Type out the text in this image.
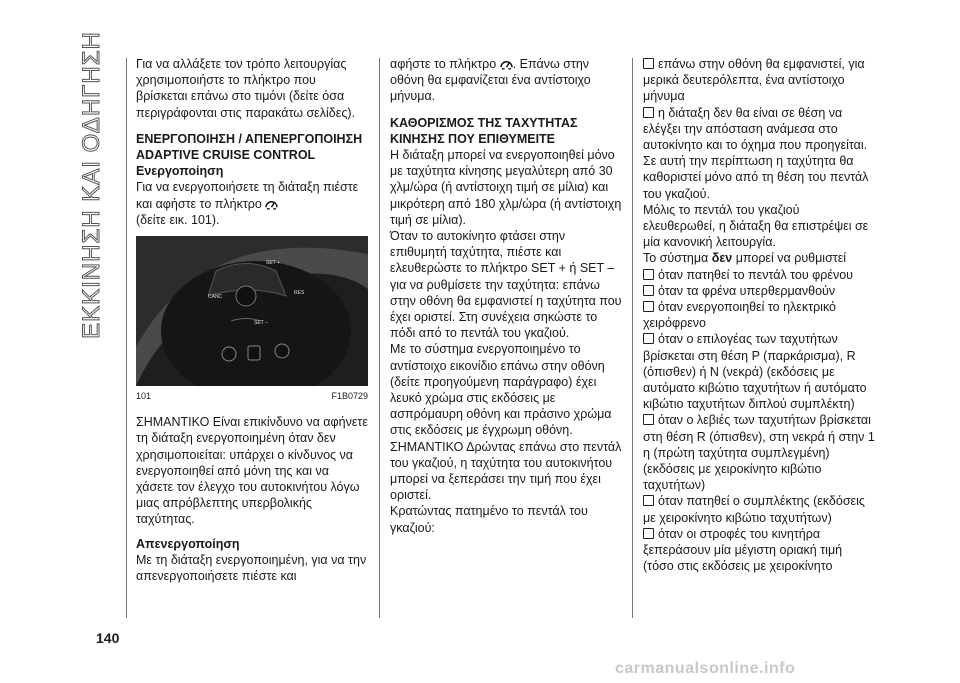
ΕΚΚΙΝΗΣΗ ΚΑΙ ΟΔΗΓΗΣΗ
140

Για να αλλάξετε τον τρόπο λειτουργίας χρησιμοποιήστε το πλήκτρο που βρίσκεται επάνω στο τιμόνι (δείτε όσα περιγράφονται στις παρακάτω σελίδες).

ΕΝΕΡΓΟΠΟΙΗΣΗ / ΑΠΕΝΕΡΓΟΠΟΙΗΣΗ ADAPTIVE CRUISE CONTROL

Ενεργοποίηση

Για να ενεργοποιήσετε τη διάταξη πιέστε και αφήστε το πλήκτρο
(δείτε εικ. 101).

SET +
CANC
RES
SET –
101	F1B0729

ΣΗΜΑΝΤΙΚΟ Είναι επικίνδυνο να αφήνετε τη διάταξη ενεργοποιημένη όταν δεν χρησιμοποιείται: υπάρχει ο κίνδυνος να ενεργοποιηθεί από μόνη της και να χάσετε τον έλεγχο του αυτοκινήτου λόγω μιας απρόβλεπτης υπερβολικής ταχύτητας.

Απενεργοποίηση

Με τη διάταξη ενεργοποιημένη, για να την απενεργοποιήσετε πιέστε και

αφήστε το πλήκτρο . Επάνω στην οθόνη θα εμφανίζεται ένα αντίστοιχο μήνυμα.

ΚΑΘΟΡΙΣΜΟΣ ΤΗΣ ΤΑΧΥΤΗΤΑΣ ΚΙΝΗΣΗΣ ΠΟΥ ΕΠΙΘΥΜΕΙΤΕ

Η διάταξη μπορεί να ενεργοποιηθεί μόνο με ταχύτητα κίνησης μεγαλύτερη από 30 χλμ/ώρα (ή αντίστοιχη τιμή σε μίλια) και μικρότερη από 180 χλμ/ώρα (ή αντίστοιχη τιμή σε μίλια).

Όταν το αυτοκίνητο φτάσει στην επιθυμητή ταχύτητα, πιέστε και ελευθερώστε το πλήκτρο SET + ή SET – για να ρυθμίσετε την ταχύτητα: επάνω στην οθόνη θα εμφανιστεί η ταχύτητα που έχει οριστεί. Στη συνέχεια σηκώστε το πόδι από το πεντάλ του γκαζιού.

Με το σύστημα ενεργοποιημένο το αντίστοιχο εικονίδιο επάνω στην οθόνη (δείτε προηγούμενη παράγραφο) έχει λευκό χρώμα στις εκδόσεις με ασπρόμαυρη οθόνη και πράσινο χρώμα στις εκδόσεις με έγχρωμη οθόνη.

ΣΗΜΑΝΤΙΚΟ Δρώντας επάνω στο πεντάλ του γκαζιού, η ταχύτητα του αυτοκινήτου μπορεί να ξεπεράσει την τιμή που έχει οριστεί.

Κρατώντας πατημένο το πεντάλ του γκαζιού:

επάνω στην οθόνη θα εμφανιστεί, για μερικά δευτερόλεπτα, ένα αντίστοιχο μήνυμα

η διάταξη δεν θα είναι σε θέση να ελέγξει την απόσταση ανάμεσα στο αυτοκίνητο και το όχημα που προηγείται. Σε αυτή την περίπτωση η ταχύτητα θα καθοριστεί μόνο από τη θέση του πεντάλ του γκαζιού.

Μόλις το πεντάλ του γκαζιού ελευθερωθεί, η διάταξη θα επιστρέψει σε μία κανονική λειτουργία.

Το σύστημα δεν μπορεί να ρυθμιστεί

όταν πατηθεί το πεντάλ του φρένου

όταν τα φρένα υπερθερμανθούν

όταν ενεργοποιηθεί το ηλεκτρικό χειρόφρενο

όταν ο επιλογέας των ταχυτήτων βρίσκεται στη θέση P (παρκάρισμα), R (όπισθεν) ή N (νεκρά) (εκδόσεις με αυτόματο κιβώτιο ταχυτήτων ή αυτόματο κιβώτιο ταχυτήτων διπλού συμπλέκτη)

όταν ο λεβιές των ταχυτήτων βρίσκεται στη θέση R (όπισθεν), στη νεκρά ή στην 1 η (πρώτη ταχύτητα συμπλεγμένη) (εκδόσεις με χειροκίνητο κιβώτιο ταχυτήτων)

όταν πατηθεί ο συμπλέκτης (εκδόσεις με χειροκίνητο κιβώτιο ταχυτήτων)

όταν οι στροφές του κινητήρα ξεπεράσουν μία μέγιστη οριακή τιμή (τόσο στις εκδόσεις με χειροκίνητο

carmanualsonline.info
